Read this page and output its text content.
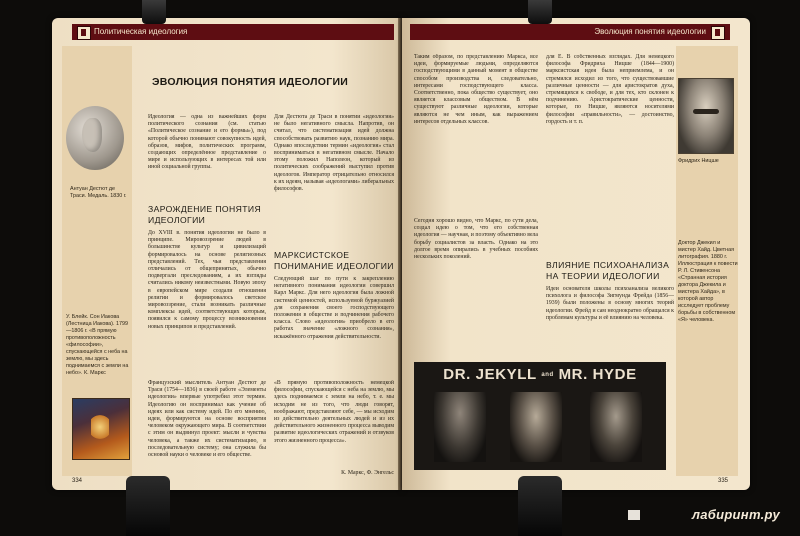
Политическая идеология
Антуан Дестют де Траси. Медаль. 1830 г.
У. Блейк. Сон Иакова (Лестница Иакова). 1799—1806 г. «В прямую противоположность «философии», спускающейся с неба на землю, мы здесь поднимаемся с земли на небо». К. Маркс
ЭВОЛЮЦИЯ ПОНЯТИЯ ИДЕОЛОГИИ
Идеология — одна из важнейших форм политического сознания (см. статью «Политическое сознание и его формы»), под которой обычно понимают совокупность идей, образов, мифов, политических программ, создающих определённое представление о мире и использующих в интересах той или иной социальной группы.
ЗАРОЖДЕНИЕ ПОНЯТИЯ ИДЕОЛОГИИ
До XVIII в. понятия идеологии не было в принципе. Мировоззрение людей в большинстве культур и цивилизаций формировалось на основе религиозных представлений. Тех, чьи представления отличались от общепринятых, обычно подвергали преследованиям, а их взгляды считались никому неизвестными. Новую эпоху в европейском мире создали отношения религии и формировалось светское мировоззрение, стали возникать различные комплексы идей, соответствующих которым, появился к самому процессу возникновения новых принципов и представлений.
Французский мыслитель Антуан Дестют де Траси (1754—1836) в своей работе «Элементы идеологии» впервые употребил этот термин. Идеологию он воспринимал как учение об идеях или как систему идей. По его мнению, идеи, формируются на основе восприятия человеком окружающего мира. В соответствии с этим он выдвинул проект: мысли и чувства человека, а также их систематизацию, в последовательную систему; она служила бы основой науки о человеке и его обществе.
Для Дестюта де Траси в понятии «идеология» не было негативного смысла. Напротив, он считал, что систематизация идей должна способствовать развитию наук, познанию мира. Однако впоследствии термин «идеология» стал восприниматься в негативном смысле. Начало этому положил Наполеон, который из политических соображений выступил против идеологов. Император отрицательно относился к их идеям, называя «идеологами» либеральных философов.
МАРКСИСТСКОЕ ПОНИМАНИЕ ИДЕОЛОГИИ
Следующий шаг по пути к закреплению негативного понимания идеологии совершил Карл Маркс. Для него идеология была ложной системой ценностей, используемой буржуазией для сохранения своего господствующего положения в обществе и подчинения рабочего класса. Слово «идеология» приобрело в его работах значение «ложного сознания», искажённого отражения действительности.
«В прямую противоположность немецкой философии, спускающейся с неба на землю, мы здесь поднимаемся с земли на небо, т. е. мы исходим не из того, что люди говорят, воображают, представляют себе, — мы исходим из действительно деятельных людей и из их действительного жизненного процесса выводим развитие идеологических отражений и отзвуков этого жизненного процесса».
К. Маркс, Ф. Энгельс
334
Эволюция понятия идеологии
Таким образом, по представлению Маркса, все идеи, формируемые людьми, определяются господствующими в данный момент в обществе способом производства и, следовательно, интересами господствующего класса. Соответственно, пока общество существует, оно является классовым обществом. В нём существуют различные идеологии, которые являются не чем иным, как выражением интересов отдельных классов.
Сегодня хорошо видно, что Маркс, по сути дела, создал идею о том, что его собственная идеология — научная, и поэтому объективно вела борьбу социалистов за власть. Однако на это долгое время опирались в учебных пособиях нескольких поколений.
для Е. В собственных взглядах. Для немецкого философа Фридриха Ницше (1844—1900) марксистская идея была неприемлема, и он стремился исходил из того, что существовавшие различные ценности — для аристократов духа, стремящихся к свободе, и для тех, кто склонен к подчинению. Аристократические ценности, которые, по Ницше, являются носителями философии «правильности», — достоинство, гордость и т. п.
Фридрих Ницше
Доктор Джекил и мистер Хайд. Цветная литография. 1880 г. Иллюстрация к повести Р. Л. Стивенсона «Странная история доктора Джекила и мистера Хайда», в которой автор исследует проблему борьбы в собственном «Я» человека.
ВЛИЯНИЕ ПСИХОАНАЛИЗА НА ТЕОРИИ ИДЕОЛОГИИ
Идеи основателя школы психоанализа великого психолога и философа Зигмунда Фрейда (1856—1939) были положены в основу многих теорий идеологии. Фрейд и сам неоднократно обращался к проблемам культуры и её влиянию на человека.
DR. JEKYLL and MR. HYDE
335
лабиринт.ру
